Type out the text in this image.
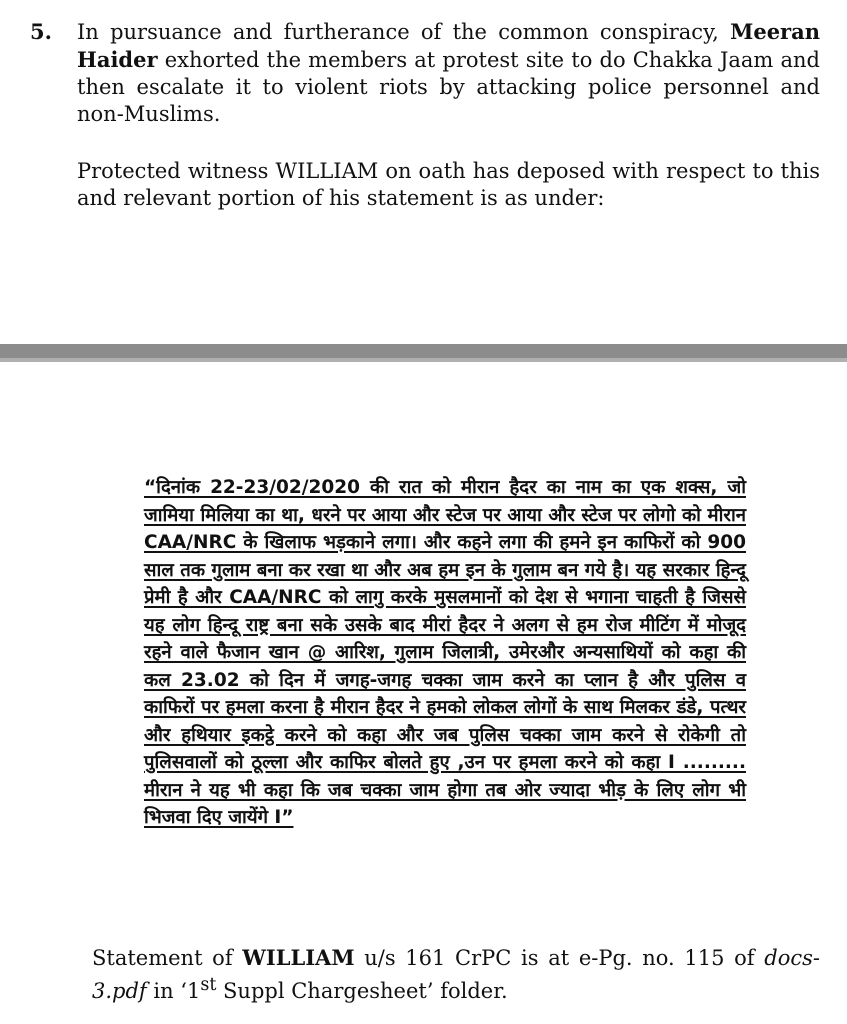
5. In pursuance and furtherance of the common conspiracy, Meeran Haider exhorted the members at protest site to do Chakka Jaam and then escalate it to violent riots by attacking police personnel and non-Muslims.
Protected witness WILLIAM on oath has deposed with respect to this and relevant portion of his statement is as under:
“दिनांक 22-23/02/2020 की रात को मीरान हैदर का नाम का एक शक्स, जो जामिया मिलिया का था, धरने पर आया और स्टेज पर आया और स्टेज पर लोगो को मीरान CAA/NRC के खिलाफ भड़काने लगा। और कहने लगा की हमने इन काफिरों को 900 साल तक गुलाम बना कर रखा था और अब हम इन के गुलाम बन गये है। यह सरकार हिन्दू प्रेमी है और CAA/NRC को लागु करके मुसलमानों को देश से भगाना चाहती है जिससे यह लोग हिन्दू राष्ट्र बना सके उसके बाद मीरां हैदर ने अलग से हम रोज मीटिंग में मोजूद रहने वाले फैजान खान @ आरिश, गुलाम जिलात्री, उमेरऔर अन्यसाथियों को कहा की कल 23.02 को दिन में जगह-जगह चक्का जाम करने का प्लान है और पुलिस व काफिरों पर हमला करना है मीरान हैदर ने हमको लोकल लोगों के साथ मिलकर डंडे, पत्थर और हथियार इकट्ठे करने को कहा और जब पुलिस चक्का जाम करने से रोकेगी तो पुलिसवालों को ठूल्ला और काफिर बोलते हुए ,उन पर हमला करने को कहा I ......... मीरान ने यह भी कहा कि जब चक्का जाम होगा तब ओर ज्यादा भीड़ के लिए लोग भी भिजवा दिए जायेंगे I”
Statement of WILLIAM u/s 161 CrPC is at e-Pg. no. 115 of docs-3.pdf in ‘1st Suppl Chargesheet’ folder.
